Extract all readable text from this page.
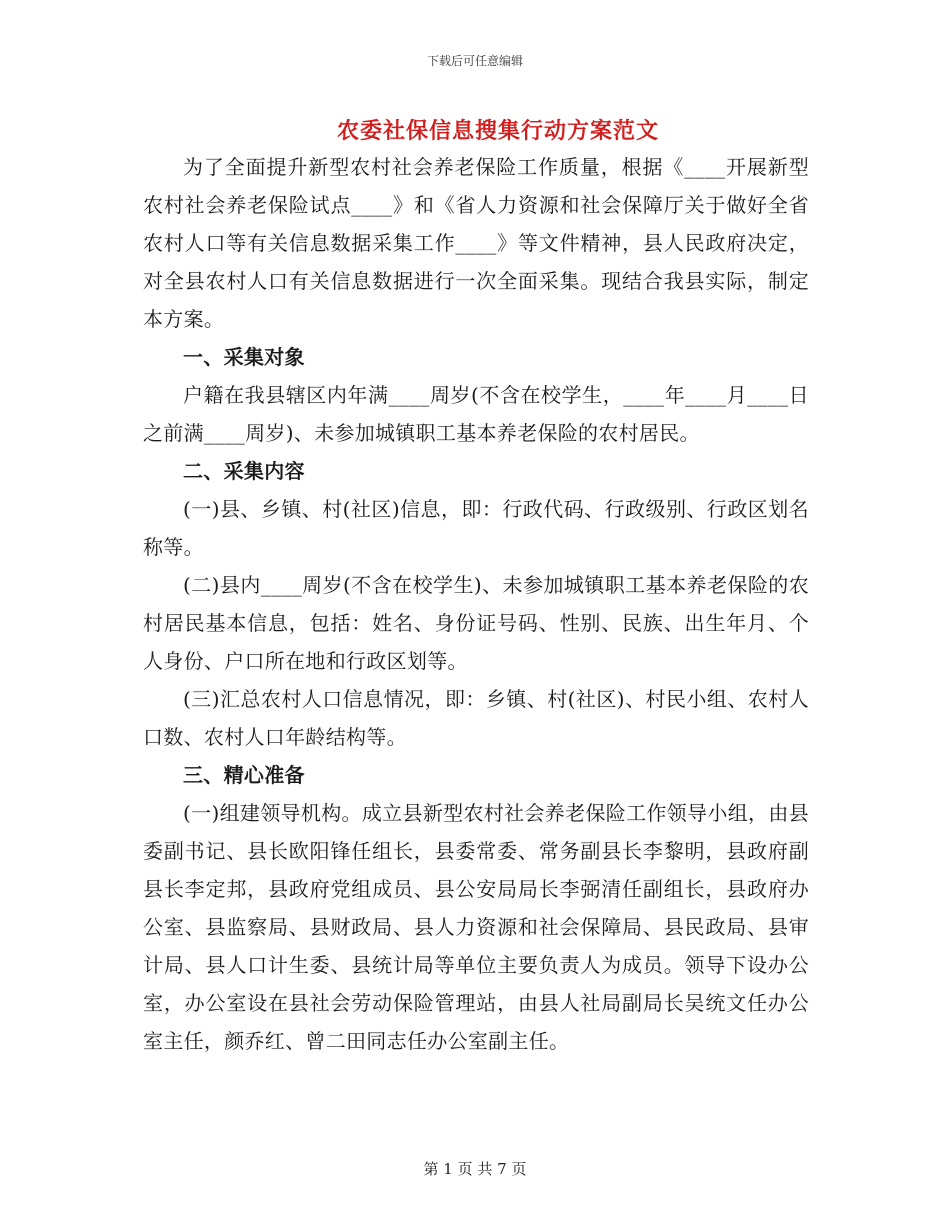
下载后可任意编辑
农委社保信息搜集行动方案范文

为了全面提升新型农村社会养老保险工作质量，根据《____开展新型农村社会养老保险试点____》和《省人力资源和社会保障厅关于做好全省农村人口等有关信息数据采集工作____》等文件精神，县人民政府决定，对全县农村人口有关信息数据进行一次全面采集。现结合我县实际，制定本方案。

一、采集对象

户籍在我县辖区内年满____周岁(不含在校学生，____年____月____日之前满____周岁)、未参加城镇职工基本养老保险的农村居民。

二、采集内容

(一)县、乡镇、村(社区)信息，即：行政代码、行政级别、行政区划名称等。

(二)县内____周岁(不含在校学生)、未参加城镇职工基本养老保险的农村居民基本信息，包括：姓名、身份证号码、性别、民族、出生年月、个人身份、户口所在地和行政区划等。

(三)汇总农村人口信息情况，即：乡镇、村(社区)、村民小组、农村人口数、农村人口年龄结构等。

三、精心准备

(一)组建领导机构。成立县新型农村社会养老保险工作领导小组，由县委副书记、县长欧阳锋任组长，县委常委、常务副县长李黎明，县政府副县长李定邦，县政府党组成员、县公安局局长李弼清任副组长，县政府办公室、县监察局、县财政局、县人力资源和社会保障局、县民政局、县审计局、县人口计生委、县统计局等单位主要负责人为成员。领导下设办公室，办公室设在县社会劳动保险管理站，由县人社局副局长吴统文任办公室主任，颜乔红、曾二田同志任办公室副主任。

第 1 页 共 7 页
